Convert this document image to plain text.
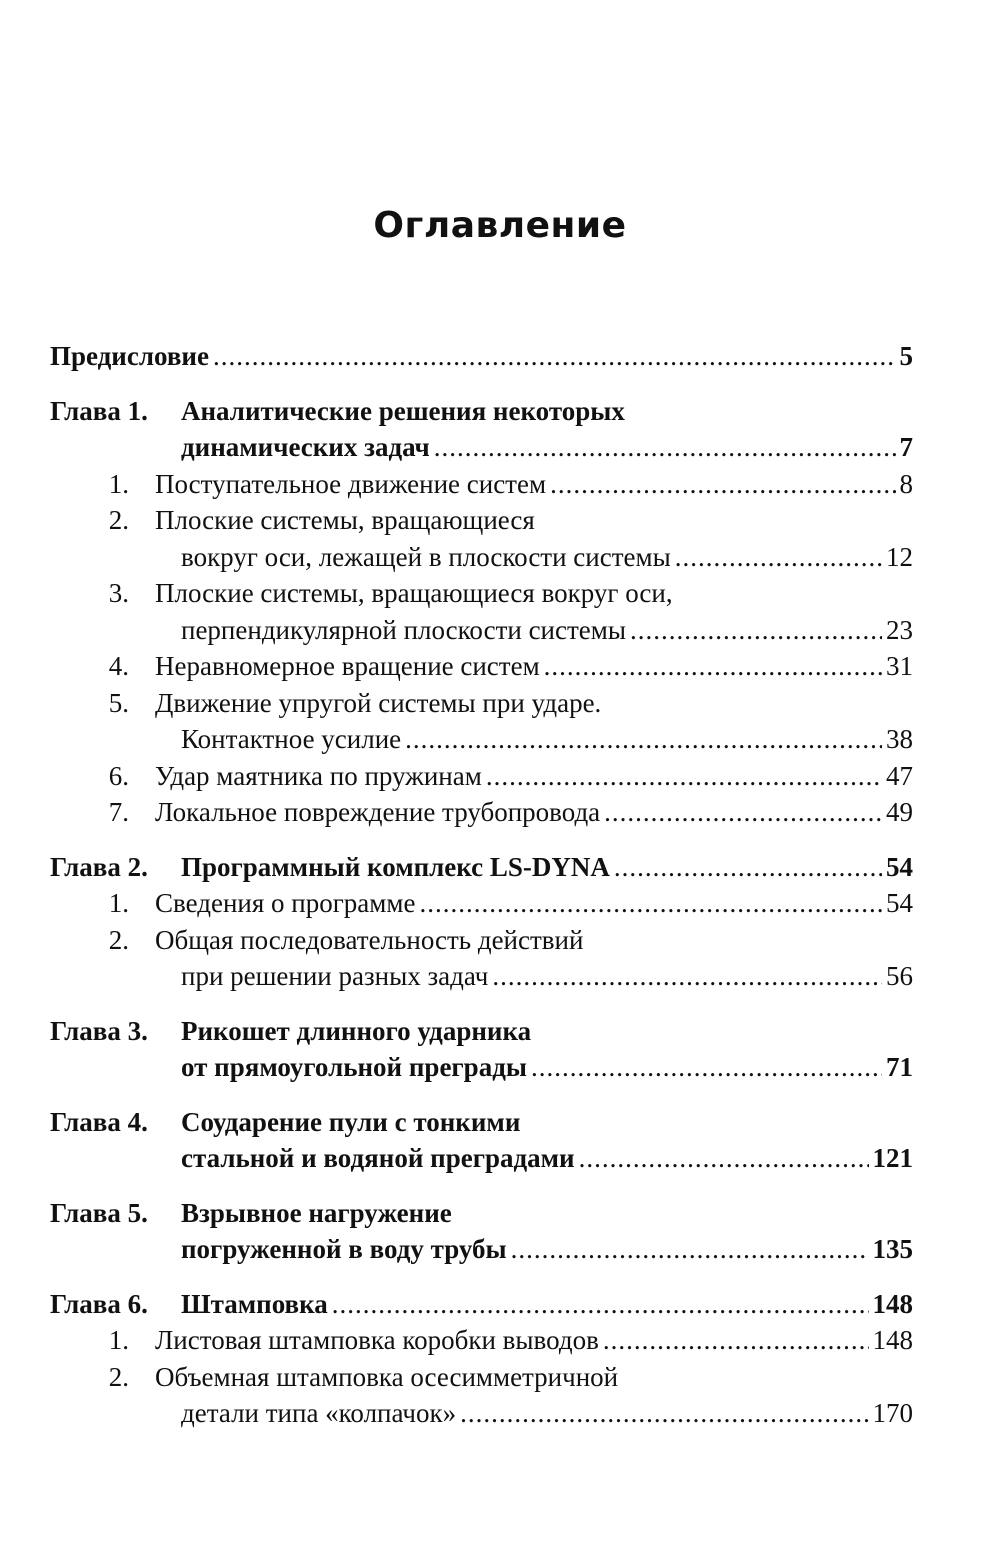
Оглавление
Предисловие .....	5
Глава 1.	Аналитические решения некоторых
динамических задач .....	7
1. Поступательное движение систем .....	8
2. Плоские системы, вращающиеся
вокруг оси, лежащей в плоскости системы .....	12
3. Плоские системы, вращающиеся вокруг оси,
перпендикулярной плоскости системы .....	23
4. Неравномерное вращение систем .....	31
5. Движение упругой системы при ударе.
Контактное усилие .....	38
6. Удар маятника по пружинам .....	47
7. Локальное повреждение трубопровода .....	49
Глава 2.	Программный комплекс LS-DYNA .....	54
1. Сведения о программе .....	54
2. Общая последовательность действий
при решении разных задач .....	56
Глава 3.	Рикошет длинного ударника
от прямоугольной преграды .....	71
Глава 4.	Соударение пули с тонкими
стальной и водяной преградами .....	121
Глава 5.	Взрывное нагружение
погруженной в воду трубы .....	135
Глава 6.	Штамповка .....	148
1. Листовая штамповка коробки выводов .....	148
2. Объемная штамповка осесимметричной
детали типа «колпачок» .....	170
